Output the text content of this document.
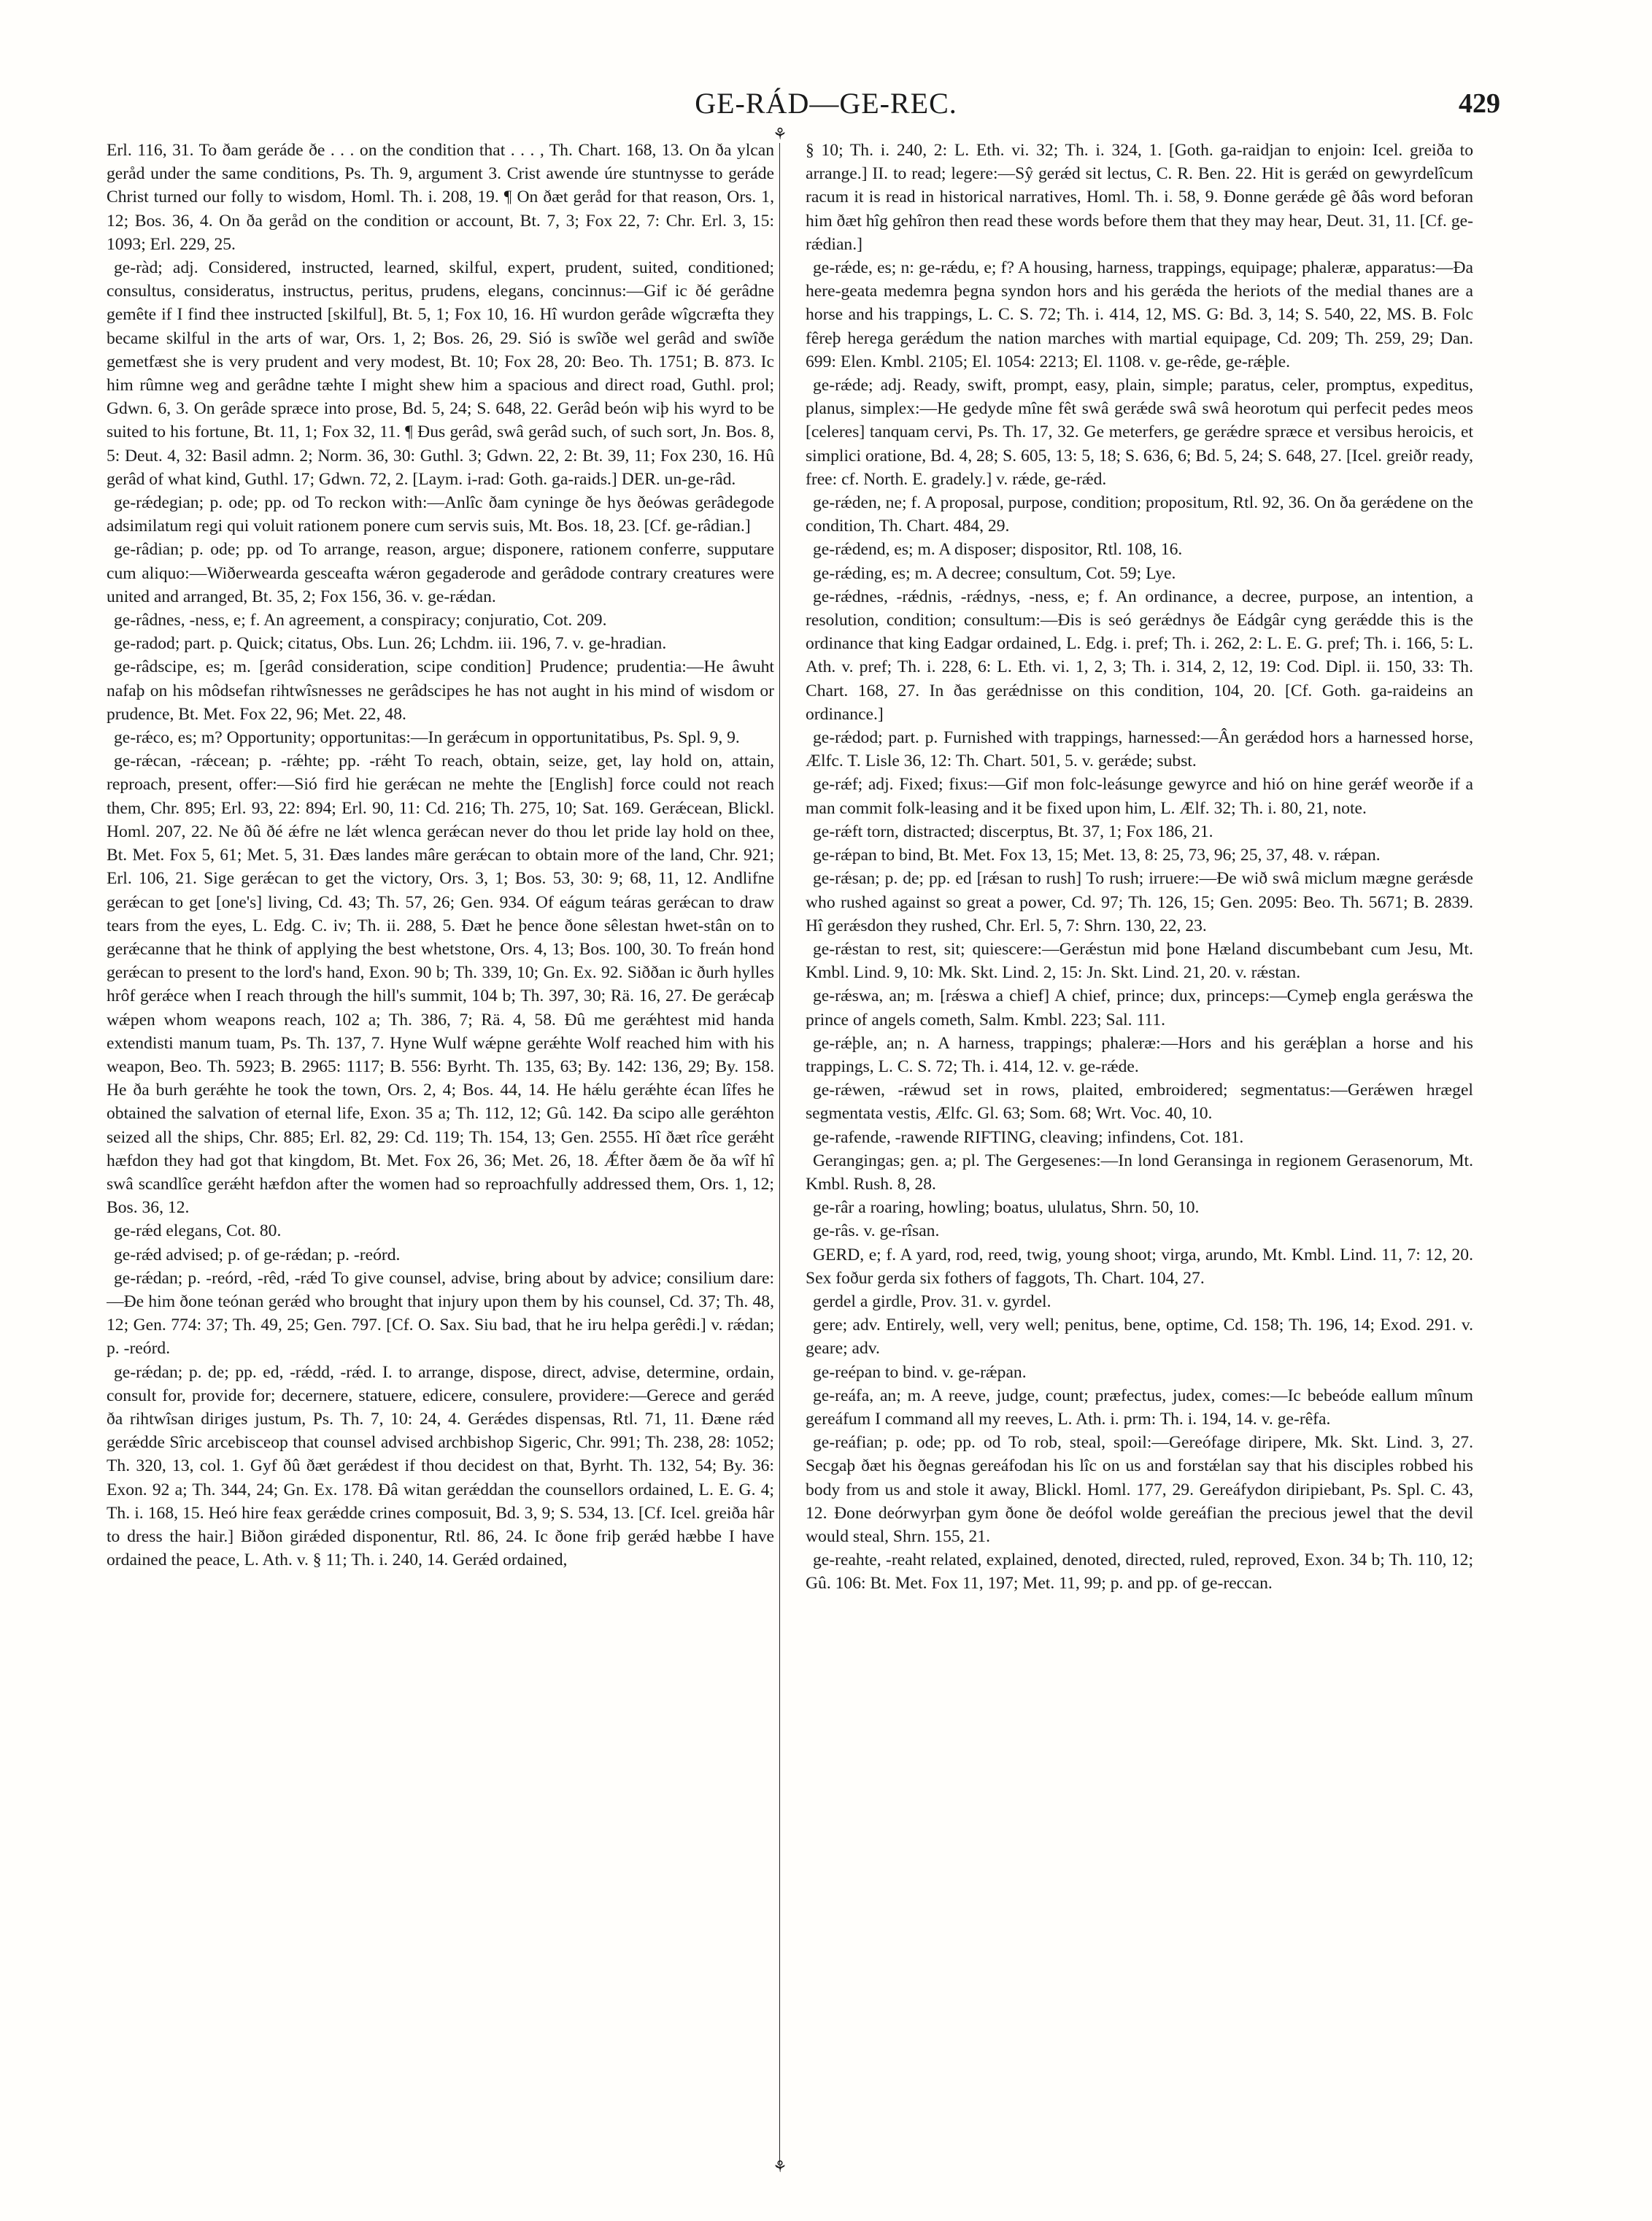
GE-RÁD—GE-REC.	429
⚘
⚘

Erl. 116, 31. To ðam geráde ðe . . . on the condition that . . . , Th. Chart. 168, 13. On ða ylcan geråd under the same conditions, Ps. Th. 9, argument 3. Crist awende úre stuntnysse to geráde Christ turned our folly to wisdom, Homl. Th. i. 208, 19. ¶ On ðæt geråd for that reason, Ors. 1, 12; Bos. 36, 4. On ða geråd on the condition or account, Bt. 7, 3; Fox 22, 7: Chr. Erl. 3, 15: 1093; Erl. 229, 25.

ge-ràd; adj. Considered, instructed, learned, skilful, expert, prudent, suited, conditioned; consultus, consideratus, instructus, peritus, prudens, elegans, concinnus:—Gif ic ðé gerâdne gemête if I find thee instructed [skilful], Bt. 5, 1; Fox 10, 16. Hî wurdon gerâde wîgcræfta they became skilful in the arts of war, Ors. 1, 2; Bos. 26, 29. Sió is swîðe wel gerâd and swîðe gemetfæst she is very prudent and very modest, Bt. 10; Fox 28, 20: Beo. Th. 1751; B. 873. Ic him rûmne weg and gerâdne tæhte I might shew him a spacious and direct road, Guthl. prol; Gdwn. 6, 3. On gerâde spræce into prose, Bd. 5, 24; S. 648, 22. Gerâd beón wiþ his wyrd to be suited to his fortune, Bt. 11, 1; Fox 32, 11. ¶ Ðus gerâd, swâ gerâd such, of such sort, Jn. Bos. 8, 5: Deut. 4, 32: Basil admn. 2; Norm. 36, 30: Guthl. 3; Gdwn. 22, 2: Bt. 39, 11; Fox 230, 16. Hû gerâd of what kind, Guthl. 17; Gdwn. 72, 2. [Laym. i-rad: Goth. ga-raids.] DER. un-ge-râd.

ge-rǽdegian; p. ode; pp. od To reckon with:—Anlîc ðam cyninge ðe hys ðeówas gerâdegode adsimilatum regi qui voluit rationem ponere cum servis suis, Mt. Bos. 18, 23. [Cf. ge-râdian.]

ge-râdian; p. ode; pp. od To arrange, reason, argue; disponere, rationem conferre, supputare cum aliquo:—Wiðerwearda gesceafta wǽron gegaderode and gerâdode contrary creatures were united and arranged, Bt. 35, 2; Fox 156, 36. v. ge-rǽdan.

ge-râdnes, -ness, e; f. An agreement, a conspiracy; conjuratio, Cot. 209.

ge-radod; part. p. Quick; citatus, Obs. Lun. 26; Lchdm. iii. 196, 7. v. ge-hradian.

ge-râdscipe, es; m. [gerâd consideration, scipe condition] Prudence; prudentia:—He âwuht nafaþ on his môdsefan rihtwîsnesses ne gerâdscipes he has not aught in his mind of wisdom or prudence, Bt. Met. Fox 22, 96; Met. 22, 48.

ge-rǽco, es; m? Opportunity; opportunitas:—In gerǽcum in opportunitatibus, Ps. Spl. 9, 9.

ge-rǽcan, -rǽcean; p. -rǽhte; pp. -rǽht To reach, obtain, seize, get, lay hold on, attain, reproach, present, offer:—Sió fird hie gerǽcan ne mehte the [English] force could not reach them, Chr. 895; Erl. 93, 22: 894; Erl. 90, 11: Cd. 216; Th. 275, 10; Sat. 169. Gerǽcean, Blickl. Homl. 207, 22. Ne ðû ðé ǽfre ne lǽt wlenca gerǽcan never do thou let pride lay hold on thee, Bt. Met. Fox 5, 61; Met. 5, 31. Ðæs landes mâre gerǽcan to obtain more of the land, Chr. 921; Erl. 106, 21. Sige gerǽcan to get the victory, Ors. 3, 1; Bos. 53, 30: 9; 68, 11, 12. Andlifne gerǽcan to get [one's] living, Cd. 43; Th. 57, 26; Gen. 934. Of eágum teáras gerǽcan to draw tears from the eyes, L. Edg. C. iv; Th. ii. 288, 5. Ðæt he þence ðone sêlestan hwet-stân on to gerǽcanne that he think of applying the best whetstone, Ors. 4, 13; Bos. 100, 30. To freán hond gerǽcan to present to the lord's hand, Exon. 90 b; Th. 339, 10; Gn. Ex. 92. Siððan ic ðurh hylles hrôf gerǽce when I reach through the hill's summit, 104 b; Th. 397, 30; Rä. 16, 27. Ðe gerǽcaþ wǽpen whom weapons reach, 102 a; Th. 386, 7; Rä. 4, 58. Ðû me gerǽhtest mid handa extendisti manum tuam, Ps. Th. 137, 7. Hyne Wulf wǽpne gerǽhte Wolf reached him with his weapon, Beo. Th. 5923; B. 2965: 1117; B. 556: Byrht. Th. 135, 63; By. 142: 136, 29; By. 158. He ða burh gerǽhte he took the town, Ors. 2, 4; Bos. 44, 14. He hǽlu gerǽhte écan lîfes he obtained the salvation of eternal life, Exon. 35 a; Th. 112, 12; Gû. 142. Ða scipo alle gerǽhton seized all the ships, Chr. 885; Erl. 82, 29: Cd. 119; Th. 154, 13; Gen. 2555. Hî ðæt rîce gerǽht hæfdon they had got that kingdom, Bt. Met. Fox 26, 36; Met. 26, 18. Ǽfter ðæm ðe ða wîf hî swâ scandlîce gerǽht hæfdon after the women had so reproachfully addressed them, Ors. 1, 12; Bos. 36, 12.

ge-rǽd elegans, Cot. 80.

ge-rǽd advised; p. of ge-rǽdan; p. -reórd.

ge-rǽdan; p. -reórd, -rêd, -rǽd To give counsel, advise, bring about by advice; consilium dare:—Ðe him ðone teónan gerǽd who brought that injury upon them by his counsel, Cd. 37; Th. 48, 12; Gen. 774: 37; Th. 49, 25; Gen. 797. [Cf. O. Sax. Siu bad, that he iru helpa gerêdi.] v. rǽdan; p. -reórd.

ge-rǽdan; p. de; pp. ed, -rǽdd, -rǽd. I. to arrange, dispose, direct, advise, determine, ordain, consult for, provide for; decernere, statuere, edicere, consulere, providere:—Gerece and gerǽd ða rihtwîsan diriges justum, Ps. Th. 7, 10: 24, 4. Gerǽdes dispensas, Rtl. 71, 11. Ðæne rǽd gerǽdde Sîric arcebisceop that counsel advised archbishop Sigeric, Chr. 991; Th. 238, 28: 1052; Th. 320, 13, col. 1. Gyf ðû ðæt gerǽdest if thou decidest on that, Byrht. Th. 132, 54; By. 36: Exon. 92 a; Th. 344, 24; Gn. Ex. 178. Ðâ witan gerǽddan the counsellors ordained, L. E. G. 4; Th. i. 168, 15. Heó hire feax gerǽdde crines composuit, Bd. 3, 9; S. 534, 13. [Cf. Icel. greiða hâr to dress the hair.] Biðon girǽded disponentur, Rtl. 86, 24. Ic ðone friþ gerǽd hæbbe I have ordained the peace, L. Ath. v. § 11; Th. i. 240, 14. Gerǽd ordained,

§ 10; Th. i. 240, 2: L. Eth. vi. 32; Th. i. 324, 1. [Goth. ga-raidjan to enjoin: Icel. greiða to arrange.] II. to read; legere:—Sŷ gerǽd sit lectus, C. R. Ben. 22. Hit is gerǽd on gewyrdelîcum racum it is read in historical narratives, Homl. Th. i. 58, 9. Ðonne gerǽde gê ðâs word beforan him ðæt hîg gehîron then read these words before them that they may hear, Deut. 31, 11. [Cf. ge-rǽdian.]

ge-rǽde, es; n: ge-rǽdu, e; f? A housing, harness, trappings, equipage; phaleræ, apparatus:—Ða here-geata medemra þegna syndon hors and his gerǽda the heriots of the medial thanes are a horse and his trappings, L. C. S. 72; Th. i. 414, 12, MS. G: Bd. 3, 14; S. 540, 22, MS. B. Folc fêreþ herega gerǽdum the nation marches with martial equipage, Cd. 209; Th. 259, 29; Dan. 699: Elen. Kmbl. 2105; El. 1054: 2213; El. 1108. v. ge-rêde, ge-rǽþle.

ge-rǽde; adj. Ready, swift, prompt, easy, plain, simple; paratus, celer, promptus, expeditus, planus, simplex:—He gedyde mîne fêt swâ gerǽde swâ swâ heorotum qui perfecit pedes meos [celeres] tanquam cervi, Ps. Th. 17, 32. Ge meterfers, ge gerǽdre spræce et versibus heroicis, et simplici oratione, Bd. 4, 28; S. 605, 13: 5, 18; S. 636, 6; Bd. 5, 24; S. 648, 27. [Icel. greiðr ready, free: cf. North. E. gradely.] v. rǽde, ge-rǽd.

ge-rǽden, ne; f. A proposal, purpose, condition; propositum, Rtl. 92, 36. On ða gerǽdene on the condition, Th. Chart. 484, 29.

ge-rǽdend, es; m. A disposer; dispositor, Rtl. 108, 16.

ge-rǽding, es; m. A decree; consultum, Cot. 59; Lye.

ge-rǽdnes, -rǽdnis, -rǽdnys, -ness, e; f. An ordinance, a decree, purpose, an intention, a resolution, condition; consultum:—Ðis is seó gerǽdnys ðe Eádgâr cyng gerǽdde this is the ordinance that king Eadgar ordained, L. Edg. i. pref; Th. i. 262, 2: L. E. G. pref; Th. i. 166, 5: L. Ath. v. pref; Th. i. 228, 6: L. Eth. vi. 1, 2, 3; Th. i. 314, 2, 12, 19: Cod. Dipl. ii. 150, 33: Th. Chart. 168, 27. In ðas gerǽdnisse on this condition, 104, 20. [Cf. Goth. ga-raideins an ordinance.]

ge-rǽdod; part. p. Furnished with trappings, harnessed:—Ân gerǽdod hors a harnessed horse, Ælfc. T. Lisle 36, 12: Th. Chart. 501, 5. v. gerǽde; subst.

ge-rǽf; adj. Fixed; fixus:—Gif mon folc-leásunge gewyrce and hió on hine gerǽf weorðe if a man commit folk-leasing and it be fixed upon him, L. Ælf. 32; Th. i. 80, 21, note.

ge-rǽft torn, distracted; discerptus, Bt. 37, 1; Fox 186, 21.

ge-rǽpan to bind, Bt. Met. Fox 13, 15; Met. 13, 8: 25, 73, 96; 25, 37, 48. v. rǽpan.

ge-rǽsan; p. de; pp. ed [rǽsan to rush] To rush; irruere:—Ðe wið swâ miclum mægne gerǽsde who rushed against so great a power, Cd. 97; Th. 126, 15; Gen. 2095: Beo. Th. 5671; B. 2839. Hî gerǽsdon they rushed, Chr. Erl. 5, 7: Shrn. 130, 22, 23.

ge-rǽstan to rest, sit; quiescere:—Gerǽstun mid þone Hæland discumbebant cum Jesu, Mt. Kmbl. Lind. 9, 10: Mk. Skt. Lind. 2, 15: Jn. Skt. Lind. 21, 20. v. rǽstan.

ge-rǽswa, an; m. [rǽswa a chief] A chief, prince; dux, princeps:—Cymeþ engla gerǽswa the prince of angels cometh, Salm. Kmbl. 223; Sal. 111.

ge-rǽþle, an; n. A harness, trappings; phaleræ:—Hors and his gerǽþlan a horse and his trappings, L. C. S. 72; Th. i. 414, 12. v. ge-rǽde.

ge-rǽwen, -rǽwud set in rows, plaited, embroidered; segmentatus:—Gerǽwen hrægel segmentata vestis, Ælfc. Gl. 63; Som. 68; Wrt. Voc. 40, 10.

ge-rafende, -rawende RIFTING, cleaving; infindens, Cot. 181.

Gerangingas; gen. a; pl. The Gergesenes:—In lond Geransinga in regionem Gerasenorum, Mt. Kmbl. Rush. 8, 28.

ge-râr a roaring, howling; boatus, ululatus, Shrn. 50, 10.

ge-râs. v. ge-rîsan.

GERD, e; f. A yard, rod, reed, twig, young shoot; virga, arundo, Mt. Kmbl. Lind. 11, 7: 12, 20. Sex foður gerda six fothers of faggots, Th. Chart. 104, 27.

gerdel a girdle, Prov. 31. v. gyrdel.

gere; adv. Entirely, well, very well; penitus, bene, optime, Cd. 158; Th. 196, 14; Exod. 291. v. geare; adv.

ge-reépan to bind. v. ge-rǽpan.

ge-reáfa, an; m. A reeve, judge, count; præfectus, judex, comes:—Ic bebeóde eallum mînum gereáfum I command all my reeves, L. Ath. i. prm: Th. i. 194, 14. v. ge-rêfa.

ge-reáfian; p. ode; pp. od To rob, steal, spoil:—Gereófage diripere, Mk. Skt. Lind. 3, 27. Secgaþ ðæt his ðegnas gereáfodan his lîc on us and forstǽlan say that his disciples robbed his body from us and stole it away, Blickl. Homl. 177, 29. Gereáfydon diripiebant, Ps. Spl. C. 43, 12. Ðone deórwyrþan gym ðone ðe deófol wolde gereáfian the precious jewel that the devil would steal, Shrn. 155, 21.

ge-reahte, -reaht related, explained, denoted, directed, ruled, reproved, Exon. 34 b; Th. 110, 12; Gû. 106: Bt. Met. Fox 11, 197; Met. 11, 99; p. and pp. of ge-reccan.
